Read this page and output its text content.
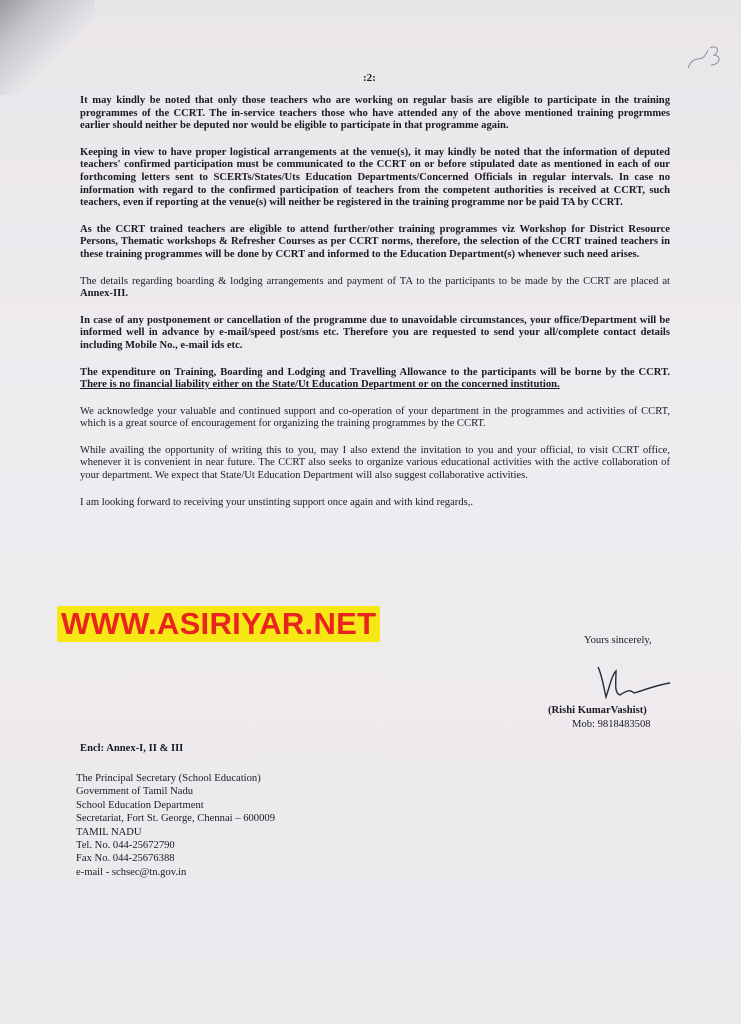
:2:

It may kindly be noted that only those teachers who are working on regular basis are eligible to participate in the training programmes of the CCRT. The in-service teachers those who have attended any of the above mentioned training progrmmes earlier should neither be deputed nor would be eligible to participate in that programme again.

Keeping in view to have proper logistical arrangements at the venue(s), it may kindly be noted that the information of deputed teachers' confirmed participation must be communicated to the CCRT on or before stipulated date as mentioned in each of our forthcoming letters sent to SCERTs/States/Uts Education Departments/Concerned Officials in regular intervals. In case no information with regard to the confirmed participation of teachers from the competent authorities is received at CCRT, such teachers, even if reporting at the venue(s) will neither be registered in the training programme nor be paid TA by CCRT.

As the CCRT trained teachers are eligible to attend further/other training programmes viz Workshop for District Resource Persons, Thematic workshops & Refresher Courses as per CCRT norms, therefore, the selection of the CCRT trained teachers in these training programmes will be done by CCRT and informed to the Education Department(s) whenever such need arises.

The details regarding boarding & lodging arrangements and payment of TA to the participants to be made by the CCRT are placed at Annex-III.

In case of any postponement or cancellation of the programme due to unavoidable circumstances, your office/Department will be informed well in advance by e-mail/speed post/sms etc. Therefore you are requested to send your all/complete contact details including Mobile No., e-mail ids etc.

The expenditure on Training, Boarding and Lodging and Travelling Allowance to the participants will be borne by the CCRT. There is no financial liability either on the State/Ut Education Department or on the concerned institution.

We acknowledge your valuable and continued support and co-operation of your department in the programmes and activities of CCRT, which is a great source of encouragement for organizing the training programmes by the CCRT.

While availing the opportunity of writing this to you, may I also extend the invitation to you and your official, to visit CCRT office, whenever it is convenient in near future. The CCRT also seeks to organize various educational activities with the active collaboration of your department. We expect that State/Ut Education Department will also suggest collaborative activities.

I am looking forward to receiving your unstinting support once again and with kind regards,.

WWW.ASIRIYAR.NET	Yours sincerely,
(Rishi KumarVashist)
Mob: 9818483508
Encl: Annex-I, II & III
The Principal Secretary (School Education)
Government of Tamil Nadu
School Education Department
Secretariat, Fort St. George, Chennai – 600009
TAMIL NADU
Tel. No. 044-25672790
Fax No. 044-25676388
e-mail - schsec@tn.gov.in
